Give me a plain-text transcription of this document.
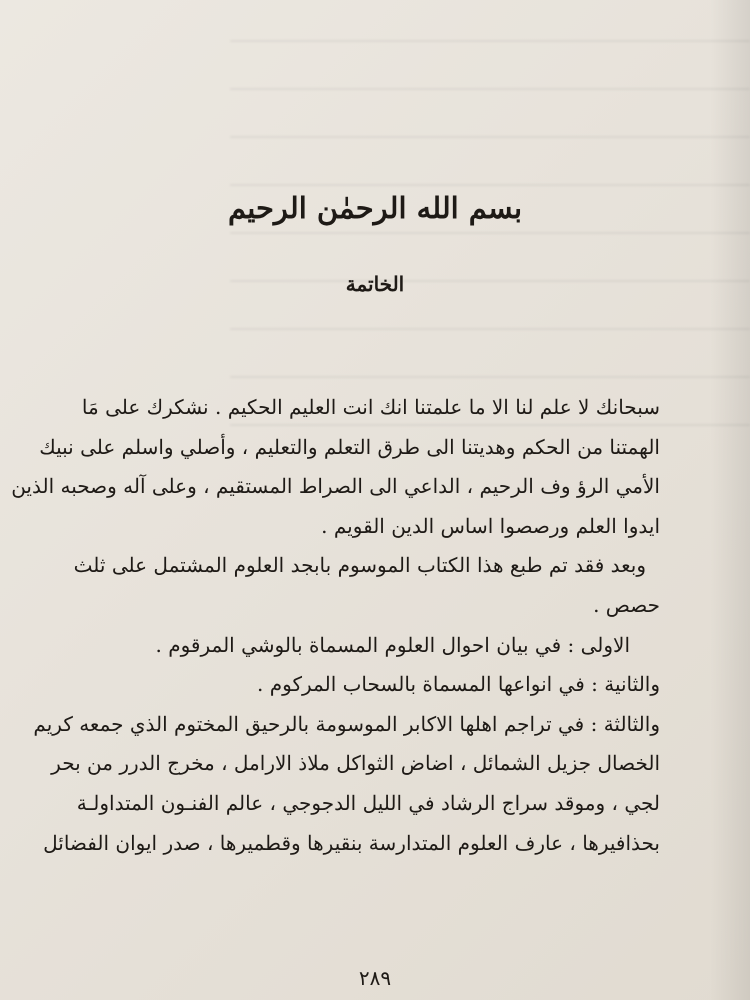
بسم الله الرحمٰن الرحيم
الخاتمة
سبحانك لا علم لنا الا ما علمتنا انك انت العليم الحكيم . نشكرك على مَا
الهمتنا من الحكم وهديتنا الى طرق التعلم والتعليم ، وأصلي واسلم على نبيك
الأمي الرؤ وف الرحيم ، الداعي الى الصراط المستقيم ، وعلى آله وصحبه الذين
ايدوا العلم ورصصوا اساس الدين القويم .
وبعد فقد تم طبع هذا الكتاب الموسوم بابجد العلوم المشتمل على ثلث
حصص .
الاولى : في بيان احوال العلوم المسماة بالوشي المرقوم .
والثانية : في انواعها المسماة بالسحاب المركوم .
والثالثة : في تراجم اهلها الاكابر الموسومة بالرحيق المختوم الذي جمعه كريم
الخصال جزيل الشمائل ، اضاض الثواكل ملاذ الارامل ، مخرج الدرر من بحر
لجي ، وموقد سراج الرشاد في الليل الدجوجي ، عالم الفنـون المتداولـة
بحذافيرها ، عارف العلوم المتدارسة بنقيرها وقطميرها ، صدر ايوان الفضائل
٢٨٩
